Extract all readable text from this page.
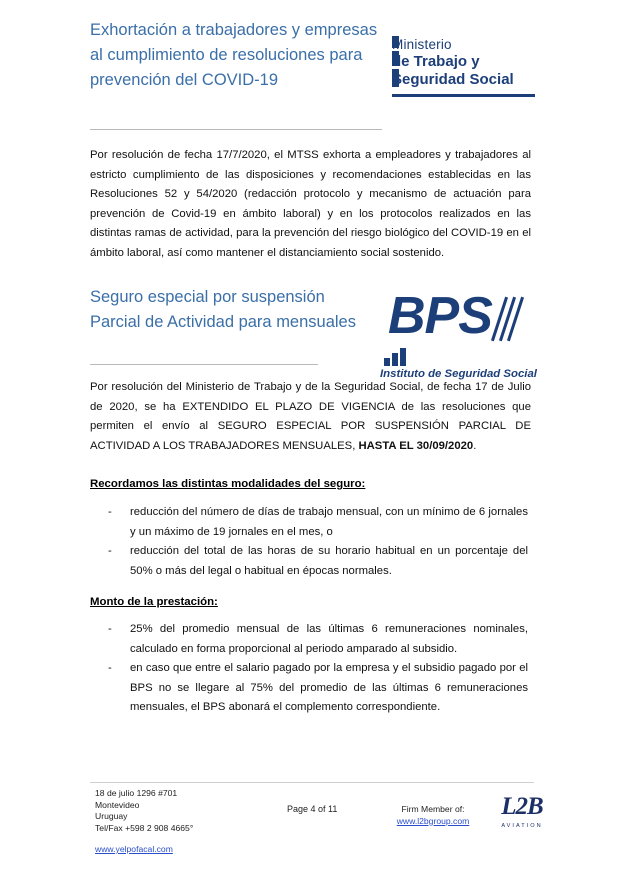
Exhortación a trabajadores y empresas al cumplimiento de resoluciones para prevención del COVID-19
Ministerio
de Trabajo y
Seguridad Social
Por resolución de fecha 17/7/2020, el MTSS exhorta a empleadores y trabajadores al estricto cumplimiento de las disposiciones y recomendaciones establecidas en las Resoluciones 52 y 54/2020 (redacción protocolo y mecanismo de actuación para prevención de Covid-19 en ámbito laboral) y en los protocolos realizados en las distintas ramas de actividad, para la prevención del riesgo biológico del COVID-19 en el ámbito laboral, así como mantener el distanciamiento social sostenido.
Seguro especial por suspensión Parcial de Actividad para mensuales BPS
Instituto de Seguridad Social
Por resolución del Ministerio de Trabajo y de la Seguridad Social, de fecha 17 de Julio de 2020, se ha EXTENDIDO EL PLAZO DE VIGENCIA de las resoluciones que permiten el envío al SEGURO ESPECIAL POR SUSPENSIÓN PARCIAL DE ACTIVIDAD A LOS TRABAJADORES MENSUALES, HASTA EL 30/09/2020.
Recordamos las distintas modalidades del seguro:
- reducción del número de días de trabajo mensual, con un mínimo de 6 jornales y un máximo de 19 jornales en el mes, o
- reducción del total de las horas de su horario habitual en un porcentaje del 50% o más del legal o habitual en épocas normales.
Monto de la prestación:
- 25% del promedio mensual de las últimas 6 remuneraciones nominales, calculado en forma proporcional al periodo amparado al subsidio.
- en caso que entre el salario pagado por la empresa y el subsidio pagado por el BPS no se llegare al 75% del promedio de las últimas 6 remuneraciones mensuales, el BPS abonará el complemento correspondiente.
18 de julio 1296 #701
Montevideo
Uruguay
Tel/Fax +598 2 908 4665°
Page 4 of 11	Firm Member of:
www.l2bgroup.com
L2B
AVIATION
www.yelpofacal.com
